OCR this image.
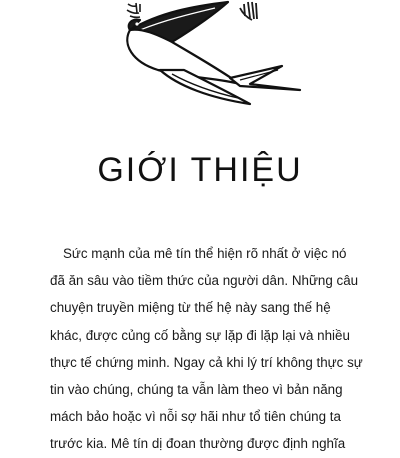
GIỚI THIỆU
Sức mạnh của mê tín thể hiện rõ nhất ở việc nó
đã ăn sâu vào tiềm thức của người dân. Những câu
chuyện truyền miệng từ thế hệ này sang thế hệ
khác, được củng cố bằng sự lặp đi lặp lại và nhiều
thực tế chứng minh. Ngay cả khi lý trí không thực sự
tin vào chúng, chúng ta vẫn làm theo vì bản năng
mách bảo hoặc vì nỗi sợ hãi như tổ tiên chúng ta
trước kia. Mê tín dị đoan thường được định nghĩa
